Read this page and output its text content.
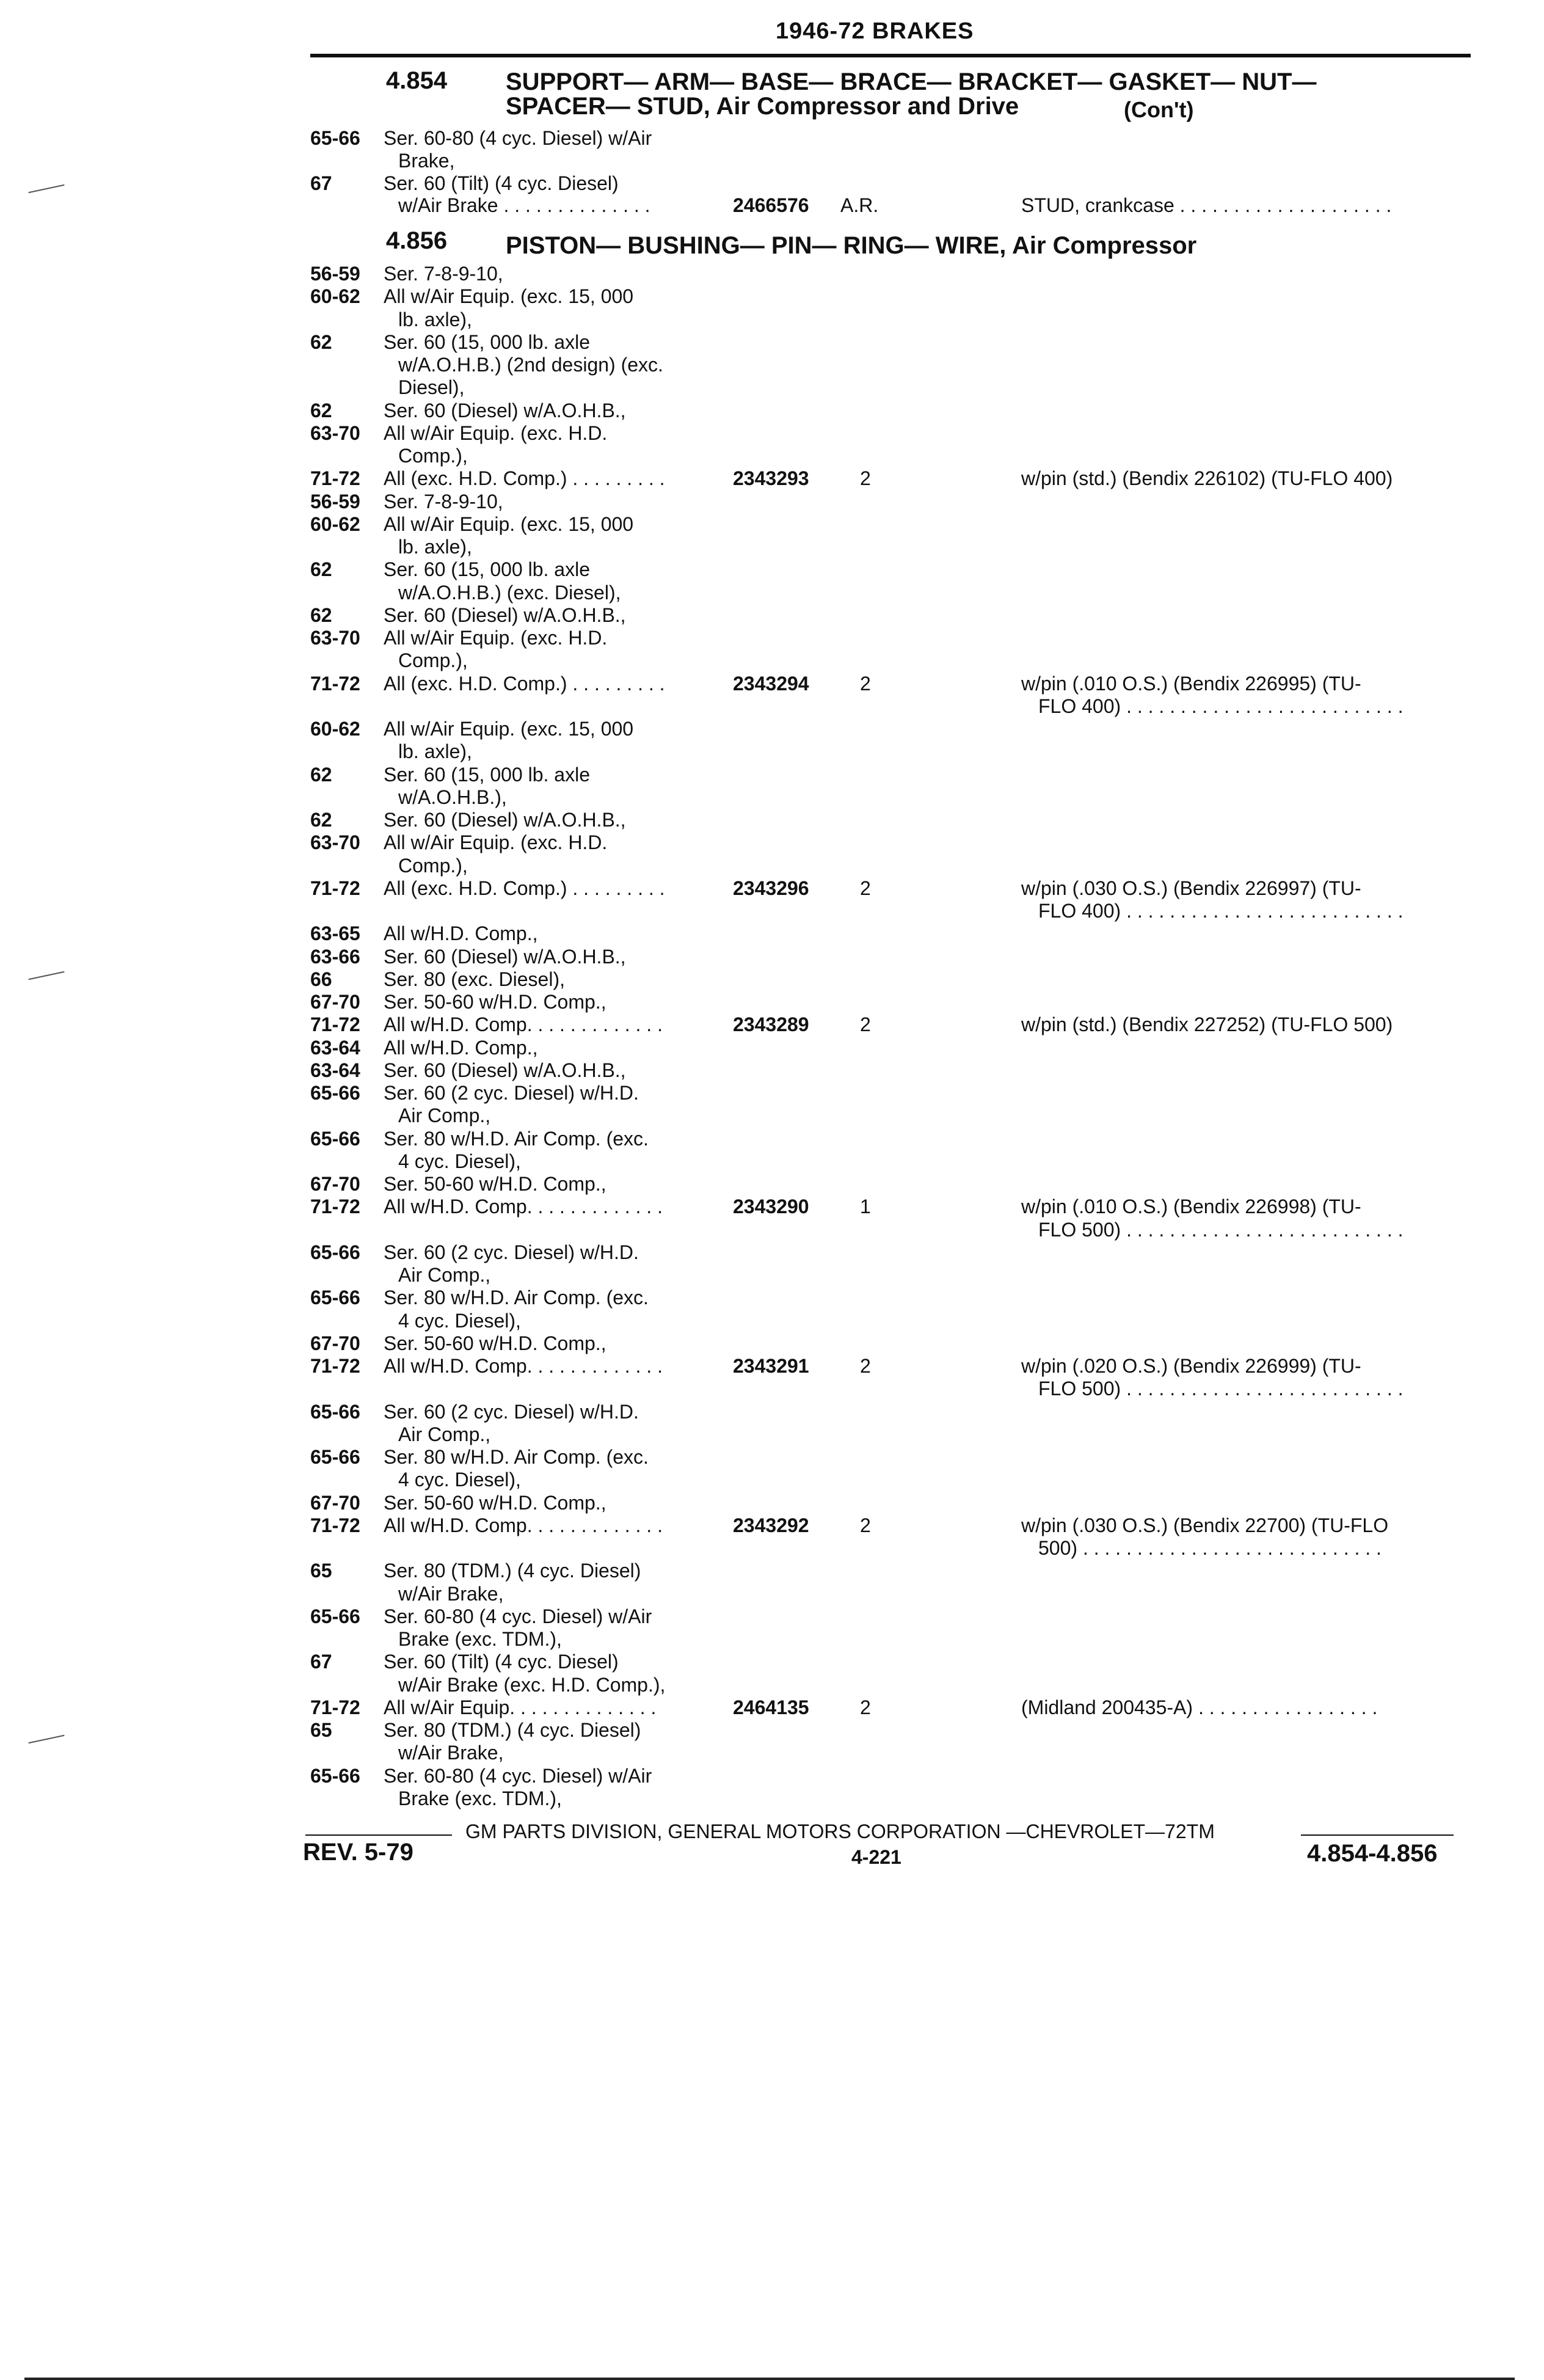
1946-72 BRAKES
4.854 SUPPORT— ARM— BASE— BRACE— BRACKET— GASKET— NUT—
SPACER— STUD, Air Compressor and Drive	(Con't)
65-66 Ser. 60-80 (4 cyc. Diesel) w/Air
Brake,
67	Ser. 60 (Tilt) (4 cyc. Diesel)
w/Air Brake . . . . . . . . . . . . . .	2466576 A.R.	STUD, crankcase . . . . . . . . . . . . . . . . . . . .
4.856 PISTON— BUSHING— PIN— RING— WIRE, Air Compressor
56-59 Ser. 7-8-9-10,
60-62 All w/Air Equip. (exc. 15, 000
lb. axle),
62	Ser. 60 (15, 000 lb. axle
w/A.O.H.B.) (2nd design) (exc.
Diesel),
62	Ser. 60 (Diesel) w/A.O.H.B.,
63-70 All w/Air Equip. (exc. H.D.
Comp.),
71-72 All (exc. H.D. Comp.) . . . . . . . . .	2343293	2	w/pin (std.) (Bendix 226102) (TU-FLO 400)
56-59 Ser. 7-8-9-10,
60-62 All w/Air Equip. (exc. 15, 000
lb. axle),
62	Ser. 60 (15, 000 lb. axle
w/A.O.H.B.) (exc. Diesel),
62	Ser. 60 (Diesel) w/A.O.H.B.,
63-70 All w/Air Equip. (exc. H.D.
Comp.),
71-72 All (exc. H.D. Comp.) . . . . . . . . .	2343294	2	w/pin (.010 O.S.) (Bendix 226995) (TU-
FLO 400) . . . . . . . . . . . . . . . . . . . . . . . . . .
60-62 All w/Air Equip. (exc. 15, 000
lb. axle),
62	Ser. 60 (15, 000 lb. axle
w/A.O.H.B.),
62	Ser. 60 (Diesel) w/A.O.H.B.,
63-70 All w/Air Equip. (exc. H.D.
Comp.),
71-72 All (exc. H.D. Comp.) . . . . . . . . .	2343296	2	w/pin (.030 O.S.) (Bendix 226997) (TU-
FLO 400) . . . . . . . . . . . . . . . . . . . . . . . . . .
63-65 All w/H.D. Comp.,
63-66 Ser. 60 (Diesel) w/A.O.H.B.,
66	Ser. 80 (exc. Diesel),
67-70 Ser. 50-60 w/H.D. Comp.,
71-72 All w/H.D. Comp. . . . . . . . . . . . .	2343289	2	w/pin (std.) (Bendix 227252) (TU-FLO 500)
63-64 All w/H.D. Comp.,
63-64 Ser. 60 (Diesel) w/A.O.H.B.,
65-66 Ser. 60 (2 cyc. Diesel) w/H.D.
Air Comp.,
65-66 Ser. 80 w/H.D. Air Comp. (exc.
4 cyc. Diesel),
67-70 Ser. 50-60 w/H.D. Comp.,
71-72 All w/H.D. Comp. . . . . . . . . . . . .	2343290	1	w/pin (.010 O.S.) (Bendix 226998) (TU-
FLO 500) . . . . . . . . . . . . . . . . . . . . . . . . . .
65-66 Ser. 60 (2 cyc. Diesel) w/H.D.
Air Comp.,
65-66 Ser. 80 w/H.D. Air Comp. (exc.
4 cyc. Diesel),
67-70 Ser. 50-60 w/H.D. Comp.,
71-72 All w/H.D. Comp. . . . . . . . . . . . .	2343291	2	w/pin (.020 O.S.) (Bendix 226999) (TU-
FLO 500) . . . . . . . . . . . . . . . . . . . . . . . . . .
65-66 Ser. 60 (2 cyc. Diesel) w/H.D.
Air Comp.,
65-66 Ser. 80 w/H.D. Air Comp. (exc.
4 cyc. Diesel),
67-70 Ser. 50-60 w/H.D. Comp.,
71-72 All w/H.D. Comp. . . . . . . . . . . . .	2343292	2	w/pin (.030 O.S.) (Bendix 22700) (TU-FLO
500) . . . . . . . . . . . . . . . . . . . . . . . . . . . .
65	Ser. 80 (TDM.) (4 cyc. Diesel)
w/Air Brake,
65-66 Ser. 60-80 (4 cyc. Diesel) w/Air
Brake (exc. TDM.),
67	Ser. 60 (Tilt) (4 cyc. Diesel)
w/Air Brake (exc. H.D. Comp.),
71-72 All w/Air Equip. . . . . . . . . . . . . .	2464135	2	(Midland 200435-A) . . . . . . . . . . . . . . . . .
65	Ser. 80 (TDM.) (4 cyc. Diesel)
w/Air Brake,
65-66 Ser. 60-80 (4 cyc. Diesel) w/Air
Brake (exc. TDM.),
GM PARTS DIVISION, GENERAL MOTORS CORPORATION —CHEVROLET—72TM
REV. 5-79	4-221	4.854-4.856
